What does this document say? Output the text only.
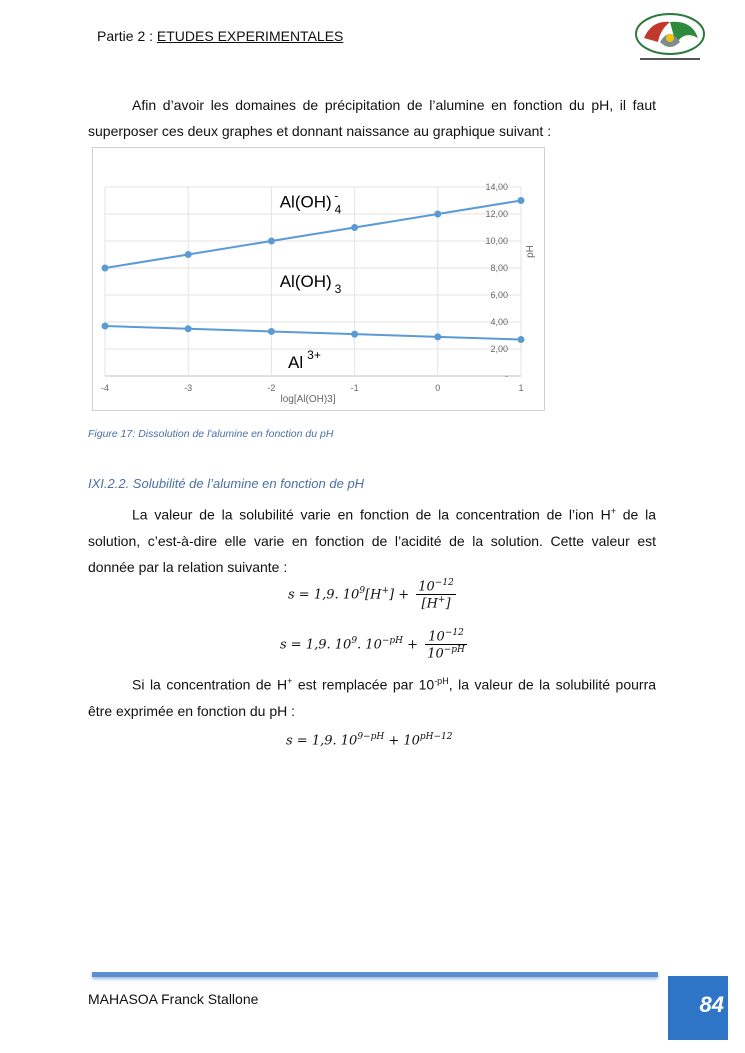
Partie 2 : ETUDES EXPERIMENTALES
Afin d’avoir les domaines de précipitation de l’alumine en fonction du pH, il faut superposer ces deux graphes et donnant naissance au graphique suivant :
-
2,00
4,00
6,00
8,00
10,00
12,00
14,00
-4	-3	-2	-1	0	1
log[Al(OH)3]
pH
Al(OH) $_4$-
Al(OH) $_3$
Al $^{3+}$
Figure 17: Dissolution de l'alumine en fonction du pH
IXI.2.2. Solubilité de l’alumine en fonction de pH
La valeur de la solubilité varie en fonction de la concentration de l’ion H+ de la solution, c’est-à-dire elle varie en fonction de l’acidité de la solution. Cette valeur est donnée par la relation suivante :
s = 1,9. $10^9[H^+] + \frac{10^{-12}}{[H^+]}$
s = 1,9. $10^9$. $10^{-pH} + \frac{10^{-12}}{10^{-pH}}$
Si la concentration de H+ est remplacée par $10^{-pH}$, la valeur de la solubilité pourra être exprimée en fonction du pH :
s = 1,9. $10^{9-pH} + 10^{pH-12}$
MAHASOA Franck Stallone	84
